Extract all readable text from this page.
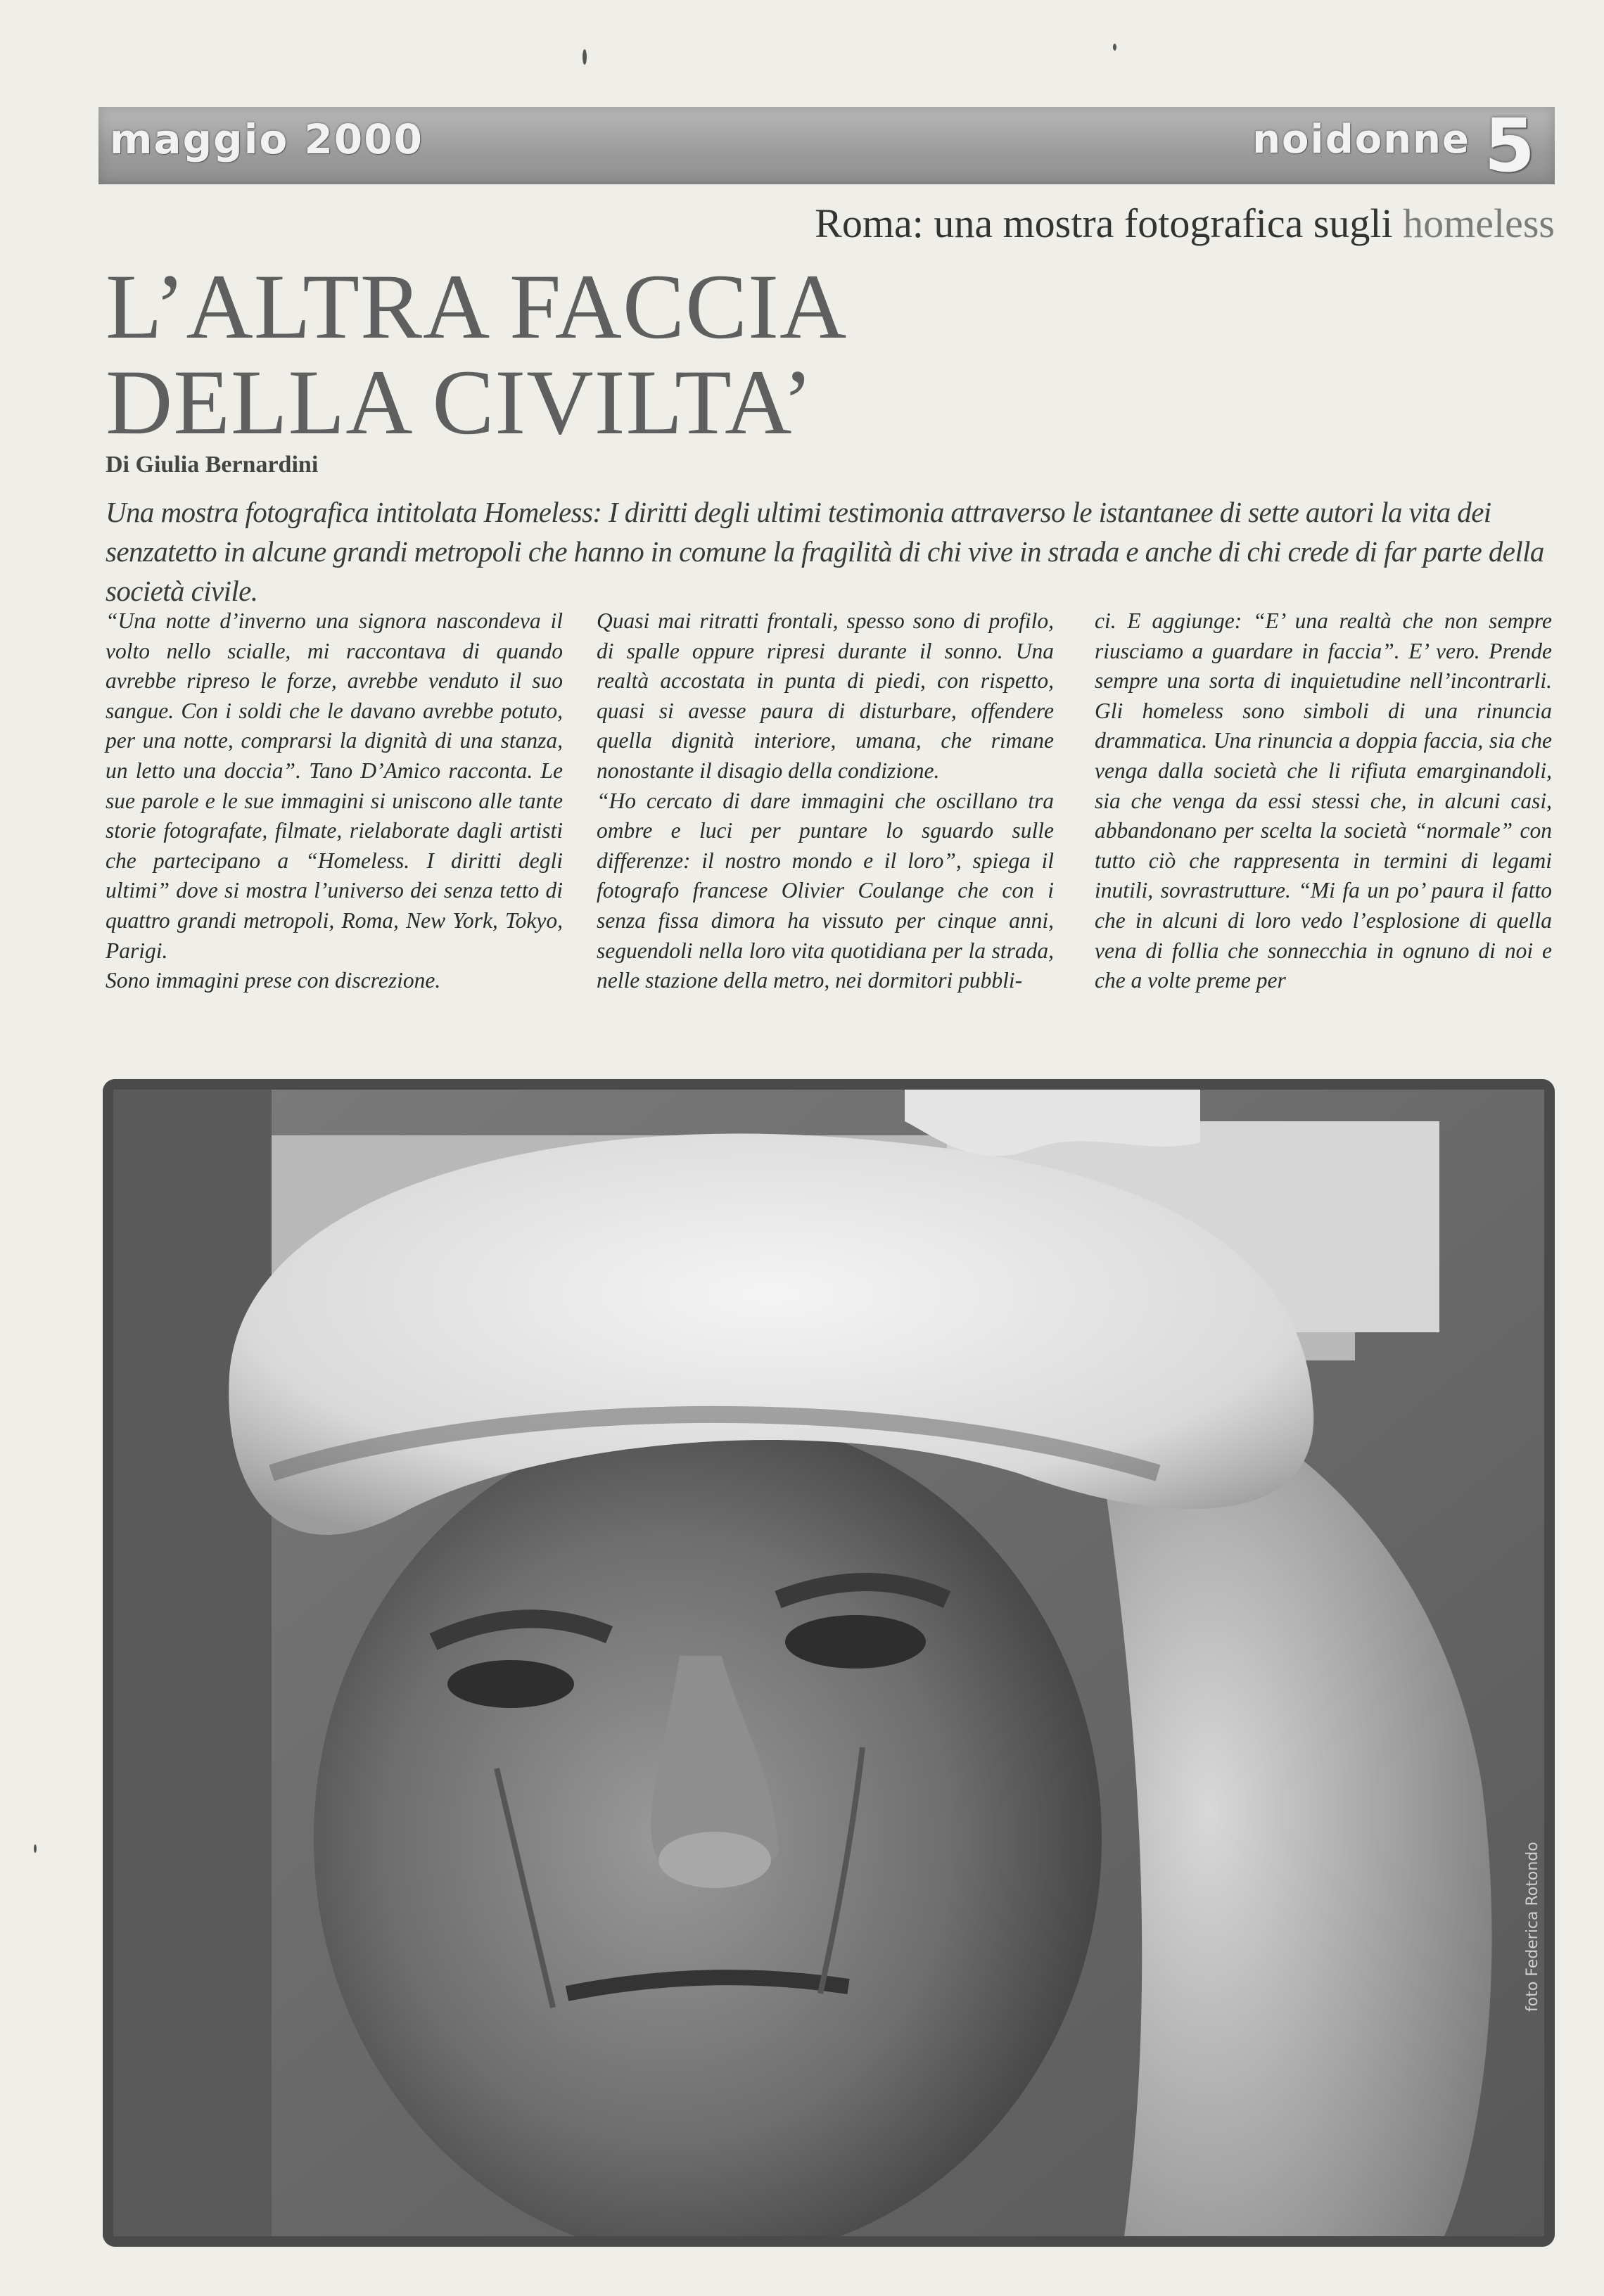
maggio 2000	noidonne 5
Roma: una mostra fotografica sugli homeless
L’ALTRA FACCIA
DELLA CIVILTA’
Di Giulia Bernardini
Una mostra fotografica intitolata Homeless: I diritti degli ultimi testimonia attraverso le istantanee di sette autori la vita dei senzatetto in alcune grandi metropoli che hanno in comune la fragilità di chi vive in strada e anche di chi crede di far parte della società civile.

“Una notte d’inverno una signora nascondeva il volto nello scialle, mi raccontava di quando avrebbe ripreso le forze, avrebbe venduto il suo sangue. Con i soldi che le davano avrebbe potuto, per una notte, comprarsi la dignità di una stanza, un letto una doccia”. Tano D’Amico racconta. Le sue parole e le sue immagini si uniscono alle tante storie fotografate, filmate, rielaborate dagli artisti che partecipano a “Homeless. I diritti degli ultimi” dove si mostra l’universo dei senza tetto di quattro grandi metropoli, Roma, New York, Tokyo, Parigi.

Sono immagini prese con discrezione.

Quasi mai ritratti frontali, spesso sono di profilo, di spalle oppure ripresi durante il sonno. Una realtà accostata in punta di piedi, con rispetto, quasi si avesse paura di disturbare, offendere quella dignità interiore, umana, che rimane nonostante il disagio della condizione.

“Ho cercato di dare immagini che oscillano tra ombre e luci per puntare lo sguardo sulle differenze: il nostro mondo e il loro”, spiega il fotografo francese Olivier Coulange che con i senza fissa dimora ha vissuto per cinque anni, seguendoli nella loro vita quotidiana per la strada, nelle stazione della metro, nei dormitori pubbli-

ci. E aggiunge: “E’ una realtà che non sempre riusciamo a guardare in faccia”. E’ vero. Prende sempre una sorta di inquietudine nell’incontrarli. Gli homeless sono simboli di una rinuncia drammatica. Una rinuncia a doppia faccia, sia che venga dalla società che li rifiuta emarginandoli, sia che venga da essi stessi che, in alcuni casi, abbandonano per scelta la società “normale” con tutto ciò che rappresenta in termini di legami inutili, sovrastrutture. “Mi fa un po’ paura il fatto che in alcuni di loro vedo l’esplosione di quella vena di follia che sonnecchia in ognuno di noi e che a volte preme per

foto Federica Rotondo
